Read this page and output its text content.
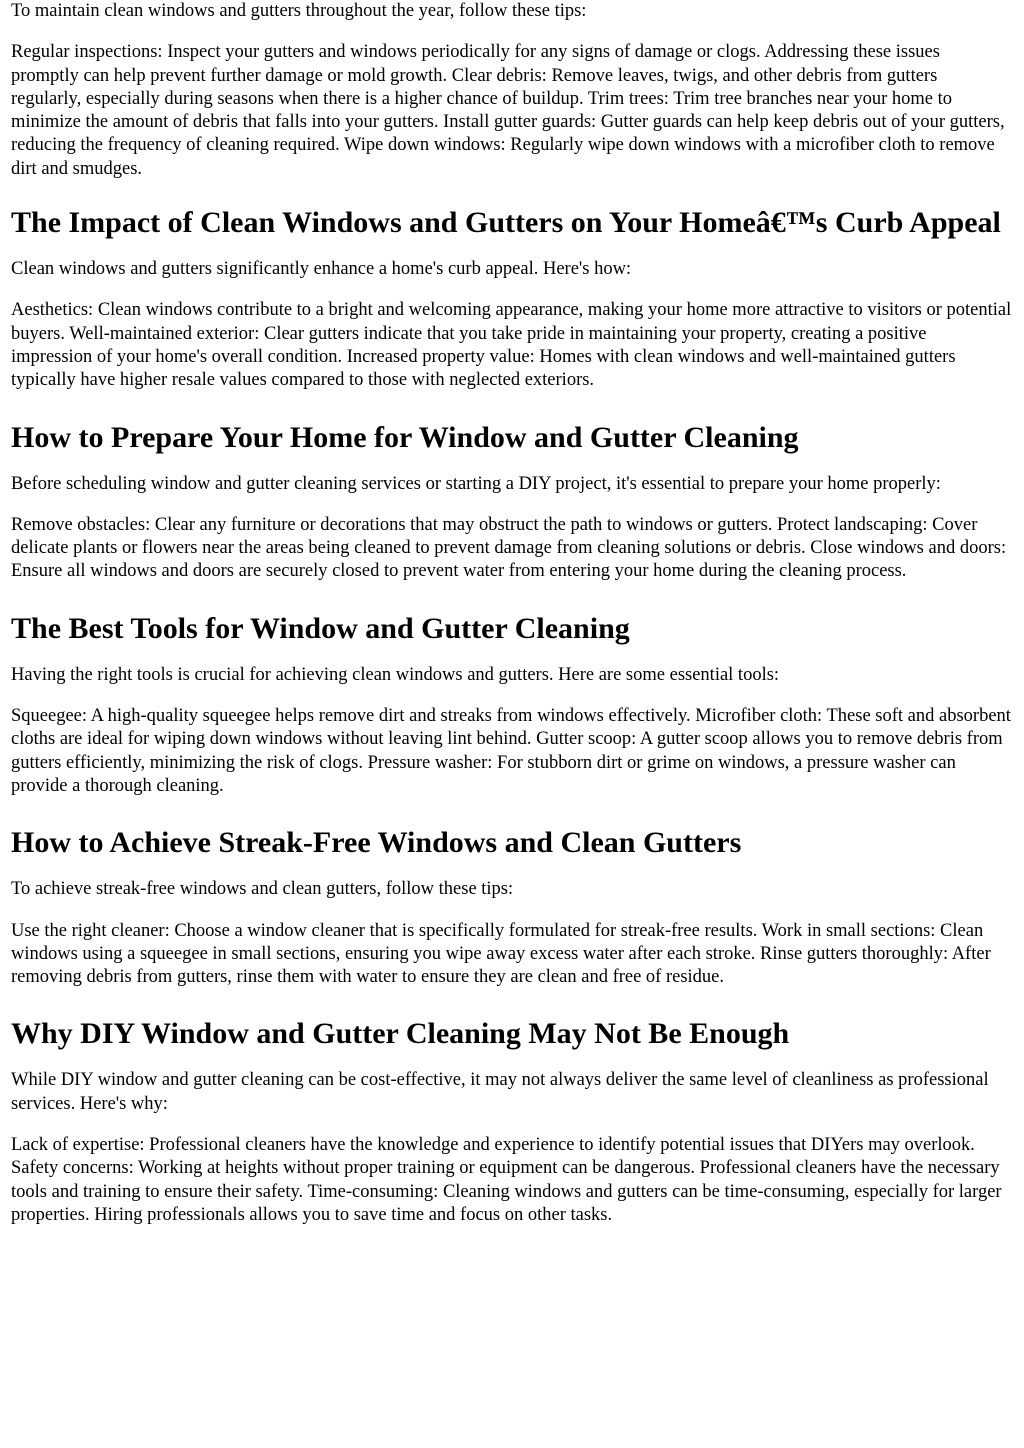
To maintain clean windows and gutters throughout the year, follow these tips:

Regular inspections: Inspect your gutters and windows periodically for any signs of damage or clogs. Addressing these issues promptly can help prevent further damage or mold growth. Clear debris: Remove leaves, twigs, and other debris from gutters regularly, especially during seasons when there is a higher chance of buildup. Trim trees: Trim tree branches near your home to minimize the amount of debris that falls into your gutters. Install gutter guards: Gutter guards can help keep debris out of your gutters, reducing the frequency of cleaning required. Wipe down windows: Regularly wipe down windows with a microfiber cloth to remove dirt and smudges.

The Impact of Clean Windows and Gutters on Your Homeâ€™s Curb Appeal

Clean windows and gutters significantly enhance a home's curb appeal. Here's how:

Aesthetics: Clean windows contribute to a bright and welcoming appearance, making your home more attractive to visitors or potential buyers. Well-maintained exterior: Clear gutters indicate that you take pride in maintaining your property, creating a positive impression of your home's overall condition. Increased property value: Homes with clean windows and well-maintained gutters typically have higher resale values compared to those with neglected exteriors.

How to Prepare Your Home for Window and Gutter Cleaning

Before scheduling window and gutter cleaning services or starting a DIY project, it's essential to prepare your home properly:

Remove obstacles: Clear any furniture or decorations that may obstruct the path to windows or gutters. Protect landscaping: Cover delicate plants or flowers near the areas being cleaned to prevent damage from cleaning solutions or debris. Close windows and doors: Ensure all windows and doors are securely closed to prevent water from entering your home during the cleaning process.

The Best Tools for Window and Gutter Cleaning

Having the right tools is crucial for achieving clean windows and gutters. Here are some essential tools:

Squeegee: A high-quality squeegee helps remove dirt and streaks from windows effectively. Microfiber cloth: These soft and absorbent cloths are ideal for wiping down windows without leaving lint behind. Gutter scoop: A gutter scoop allows you to remove debris from gutters efficiently, minimizing the risk of clogs. Pressure washer: For stubborn dirt or grime on windows, a pressure washer can provide a thorough cleaning.

How to Achieve Streak-Free Windows and Clean Gutters

To achieve streak-free windows and clean gutters, follow these tips:

Use the right cleaner: Choose a window cleaner that is specifically formulated for streak-free results. Work in small sections: Clean windows using a squeegee in small sections, ensuring you wipe away excess water after each stroke. Rinse gutters thoroughly: After removing debris from gutters, rinse them with water to ensure they are clean and free of residue.

Why DIY Window and Gutter Cleaning May Not Be Enough

While DIY window and gutter cleaning can be cost-effective, it may not always deliver the same level of cleanliness as professional services. Here's why:

Lack of expertise: Professional cleaners have the knowledge and experience to identify potential issues that DIYers may overlook. Safety concerns: Working at heights without proper training or equipment can be dangerous. Professional cleaners have the necessary tools and training to ensure their safety. Time-consuming: Cleaning windows and gutters can be time-consuming, especially for larger properties. Hiring professionals allows you to save time and focus on other tasks.
